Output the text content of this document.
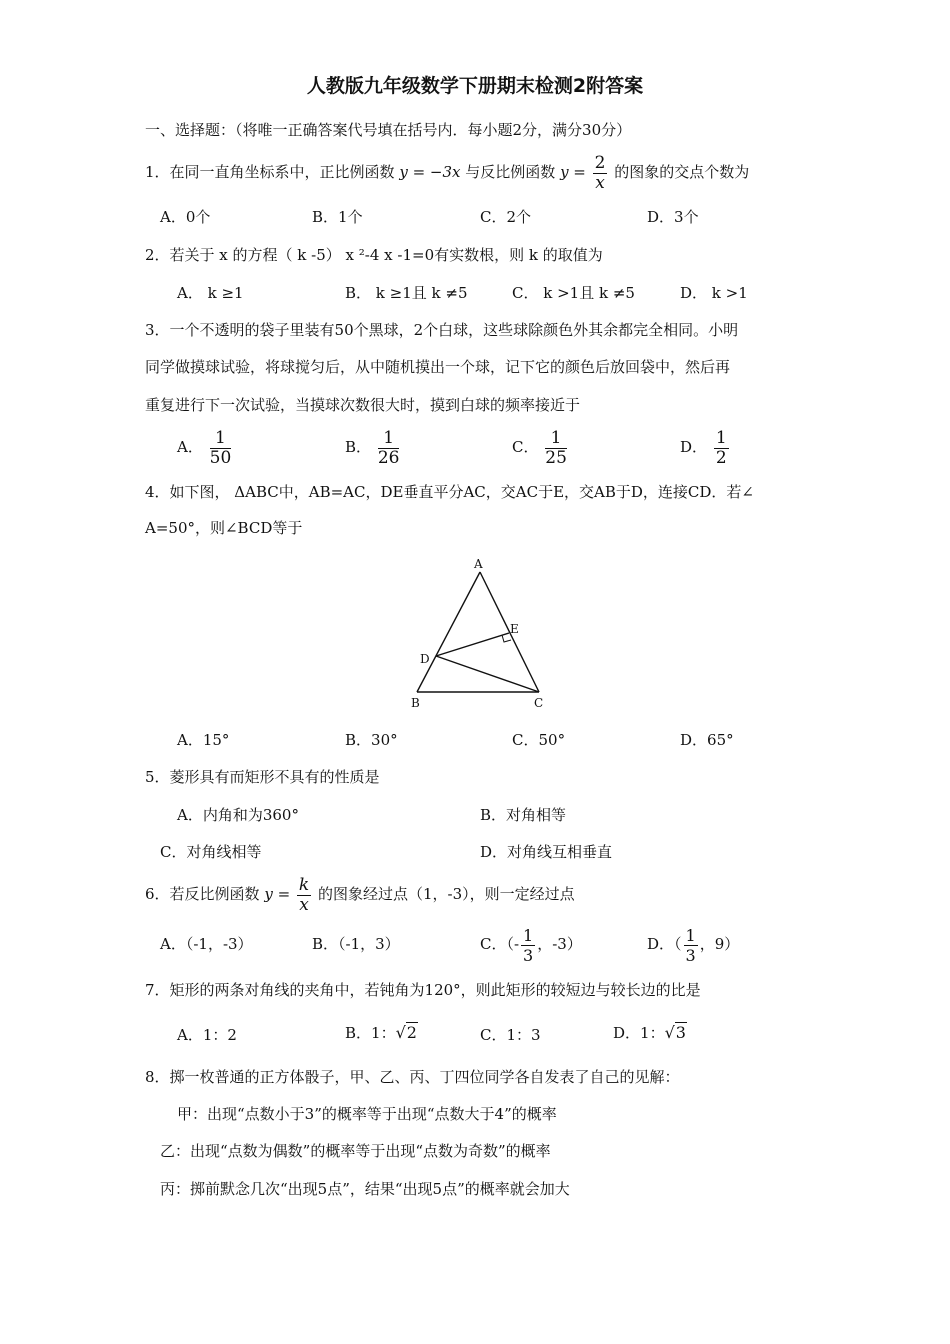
人教版九年级数学下册期末检测2附答案
一、选择题：（将唯一正确答案代号填在括号内．每小题2分，满分30分）
1．在同一直角坐标系中，正比例函数 y = −3x 与反比例函数 $y = \frac{2}{x}$ 的图象的交点个数为
A．0个	B．1个	C．2个	D．3个
2．若关于 x 的方程（ k -5） x ²-4 x -1=0有实数根，则 k 的取值为
A． k ≥1	B． k ≥1且 k ≠5	C． k >1且 k ≠5	D． k >1
3．一个不透明的袋子里装有50个黑球，2个白球，这些球除颜色外其余都完全相同。小明
同学做摸球试验，将球搅匀后，从中随机摸出一个球，记下它的颜色后放回袋中，然后再
重复进行下一次试验，当摸球次数很大时，摸到白球的频率接近于
A． $\frac{1}{50}$	B． $\frac{1}{26}$	C． $\frac{1}{25}$	D． $\frac{1}{2}$
4．如下图， ΔABC中，AB=AC，DE垂直平分AC，交AC于E，交AB于D，连接CD．若∠
A=50°，则∠BCD等于
A
B	C
D
E
A．15°	B．30°	C．50°	D．65°
5．菱形具有而矩形不具有的性质是
A．内角和为360°	B．对角相等
C．对角线相等	D．对角线互相垂直
6．若反比例函数 $y = \frac{k}{x}$ 的图象经过点（1，-3），则一定经过点
A．（-1，-3）	B．（-1，3）	C．（- $\frac{1}{3}$ ，-3）	D．（ $\frac{1}{3}$ ，9）
7．矩形的两条对角线的夹角中，若钝角为120°，则此矩形的较短边与较长边的比是
A．1：2	B．1：√2	C．1：3	D．1：√3
8．掷一枚普通的正方体骰子，甲、乙、丙、丁四位同学各自发表了自己的见解：
甲：出现“点数小于3”的概率等于出现“点数大于4”的概率
乙：出现“点数为偶数”的概率等于出现“点数为奇数”的概率
丙：掷前默念几次“出现5点”，结果“出现5点”的概率就会加大
